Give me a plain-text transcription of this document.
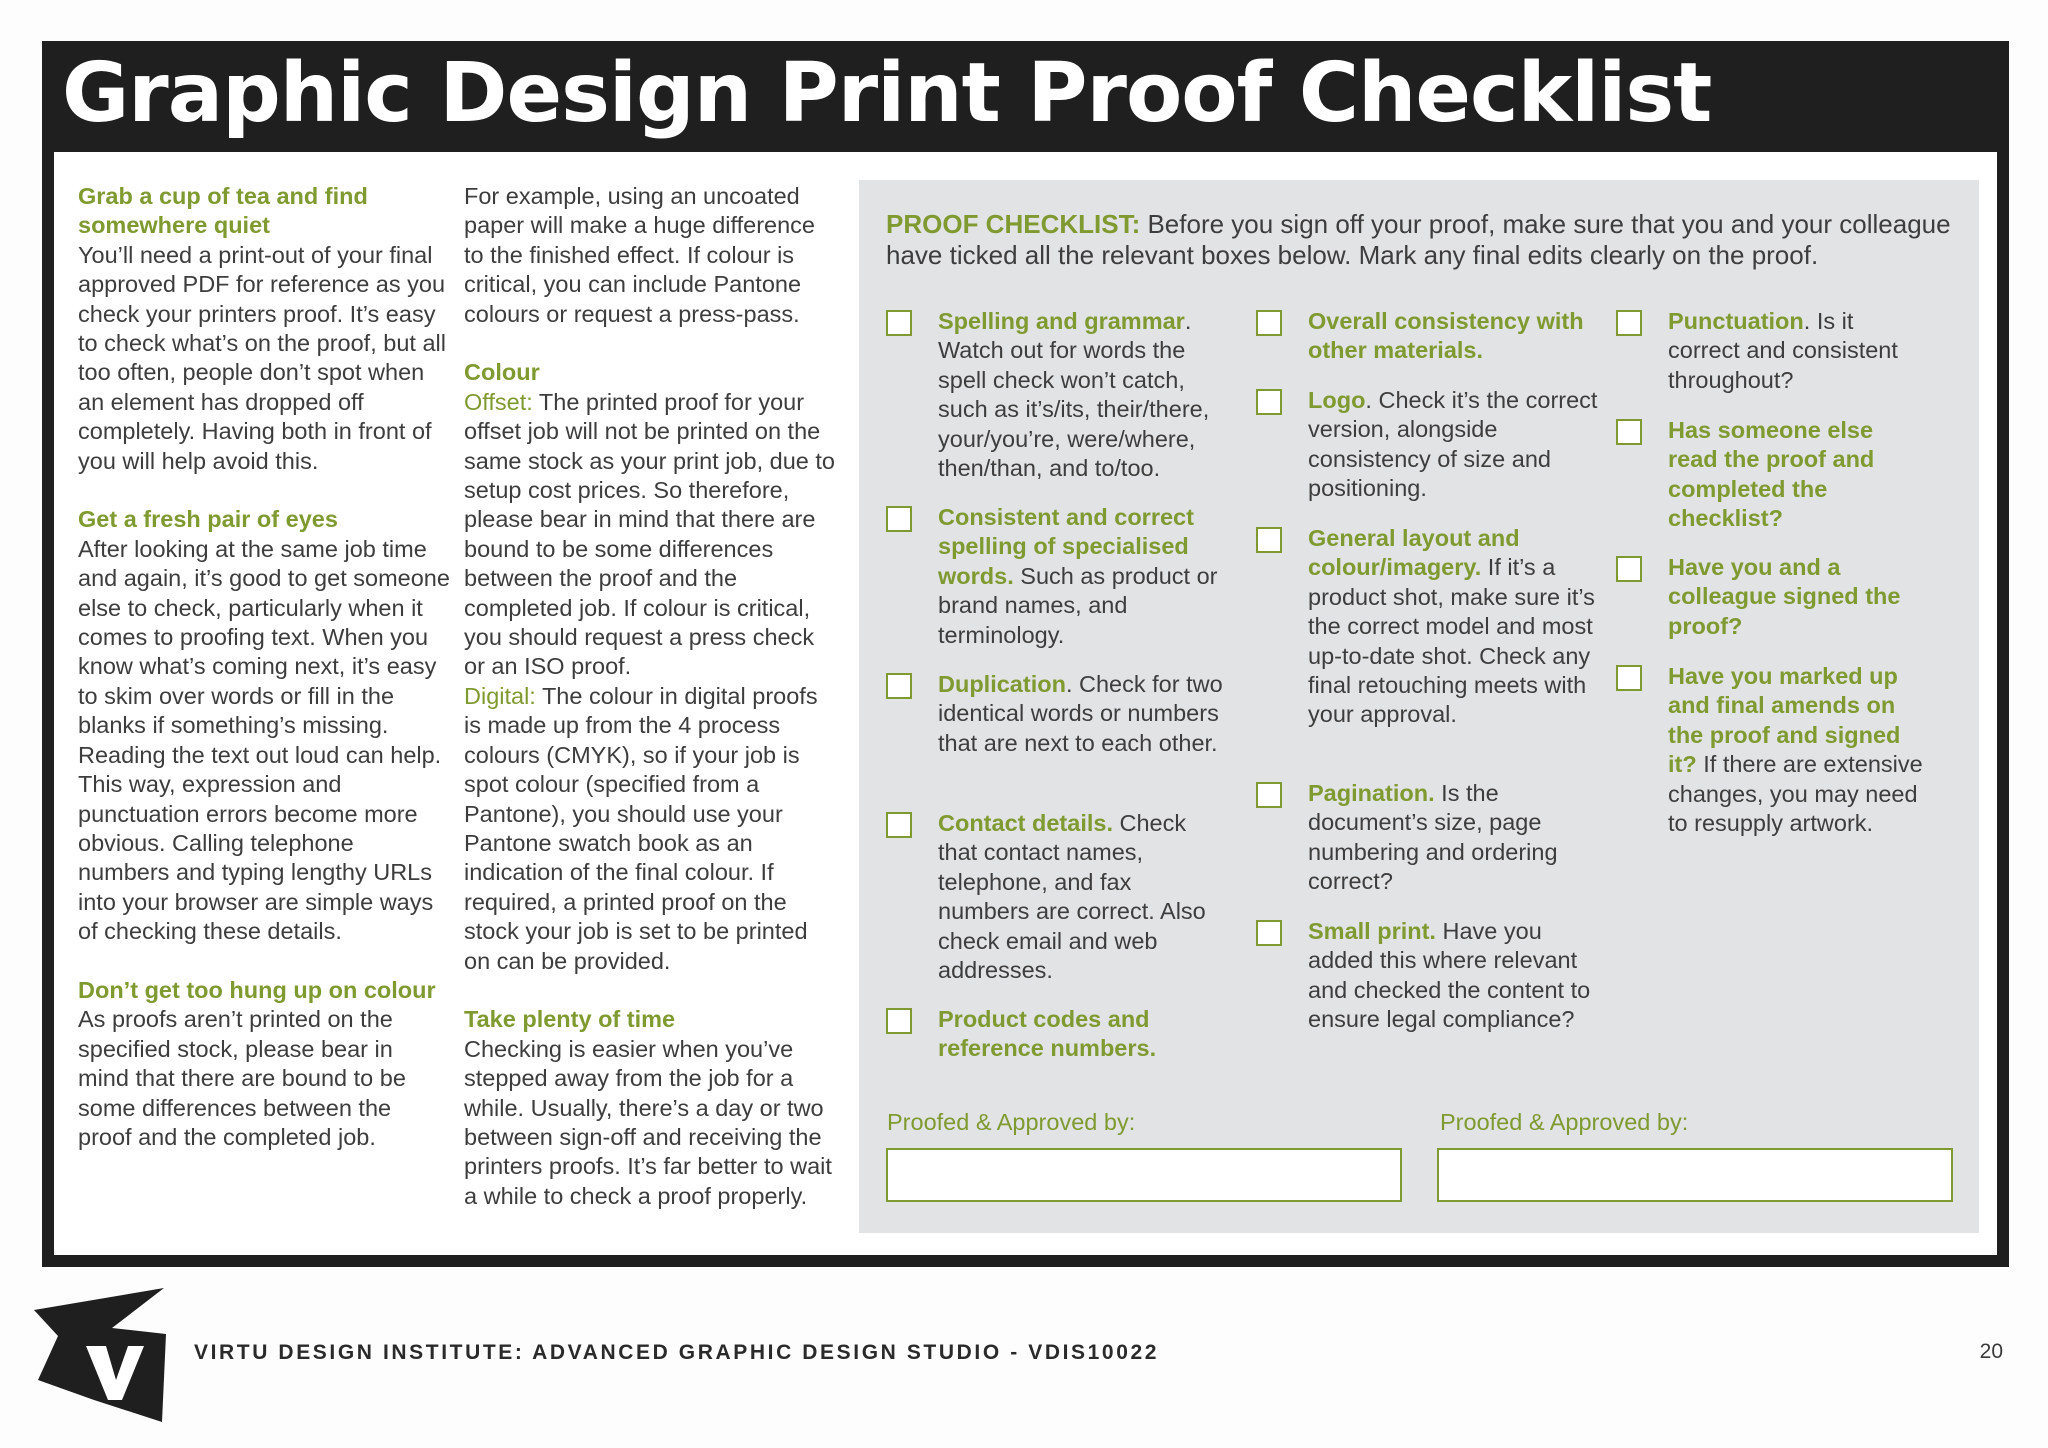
Graphic Design Print Proof Checklist
Grab a cup of tea and find somewhere quiet

You’ll need a print-out of your final approved PDF for reference as you check your printers proof. It’s easy to check what’s on the proof, but all too often, people don’t spot when an element has dropped off completely. Having both in front of you will help avoid this.

Get a fresh pair of eyes

After looking at the same job time and again, it’s good to get someone else to check, particularly when it comes to proofing text. When you know what’s coming next, it’s easy to skim over words or fill in the blanks if something’s missing. Reading the text out loud can help. This way, expression and punctuation errors become more obvious. Calling telephone numbers and typing lengthy URLs into your browser are simple ways of checking these details.

Don’t get too hung up on colour

As proofs aren’t printed on the specified stock, please bear in mind that there are bound to be some differences between the proof and the completed job.

For example, using an uncoated paper will make a huge difference to the finished effect. If colour is critical, you can include Pantone colours or request a press-pass.

Colour

Offset: The printed proof for your offset job will not be printed on the same stock as your print job, due to setup cost prices. So therefore, please bear in mind that there are bound to be some differences between the proof and the completed job. If colour is critical, you should request a press check or an ISO proof.

Digital: The colour in digital proofs is made up from the 4 process colours (CMYK), so if your job is spot colour (specified from a Pantone), you should use your Pantone swatch book as an indication of the final colour. If required, a printed proof on the stock your job is set to be printed on can be provided.

Take plenty of time

Checking is easier when you’ve stepped away from the job for a while. Usually, there’s a day or two between sign-off and receiving the printers proofs. It’s far better to wait a while to check a proof properly.

PROOF CHECKLIST: Before you sign off your proof, make sure that you and your colleague have ticked all the relevant boxes below. Mark any final edits clearly on the proof.
Spelling and grammar. Watch out for words the spell check won’t catch, such as it’s/its, their/there, your/you’re, were/where, then/than, and to/too.
Consistent and correct spelling of specialised words. Such as product or brand names, and terminology.
Duplication. Check for two identical words or numbers that are next to each other.
Contact details. Check that contact names, telephone, and fax numbers are correct. Also check email and web addresses.
Product codes and reference numbers.
Overall consistency with other materials.
Logo. Check it’s the correct version, alongside consistency of size and positioning.
General layout and colour/imagery. If it’s a product shot, make sure it’s the correct model and most up-to-date shot. Check any final retouching meets with your approval.
Pagination. Is the document’s size, page numbering and ordering correct?
Small print. Have you added this where relevant and checked the content to ensure legal compliance?
Punctuation. Is it correct and consistent throughout?
Has someone else read the proof and completed the checklist?
Have you and a colleague signed the proof?
Have you marked up and final amends on the proof and signed it? If there are extensive changes, you may need to resupply artwork.
Proofed & Approved by:	Proofed & Approved by:
VIRTU DESIGN INSTITUTE: ADVANCED GRAPHIC DESIGN STUDIO - VDIS10022	20
